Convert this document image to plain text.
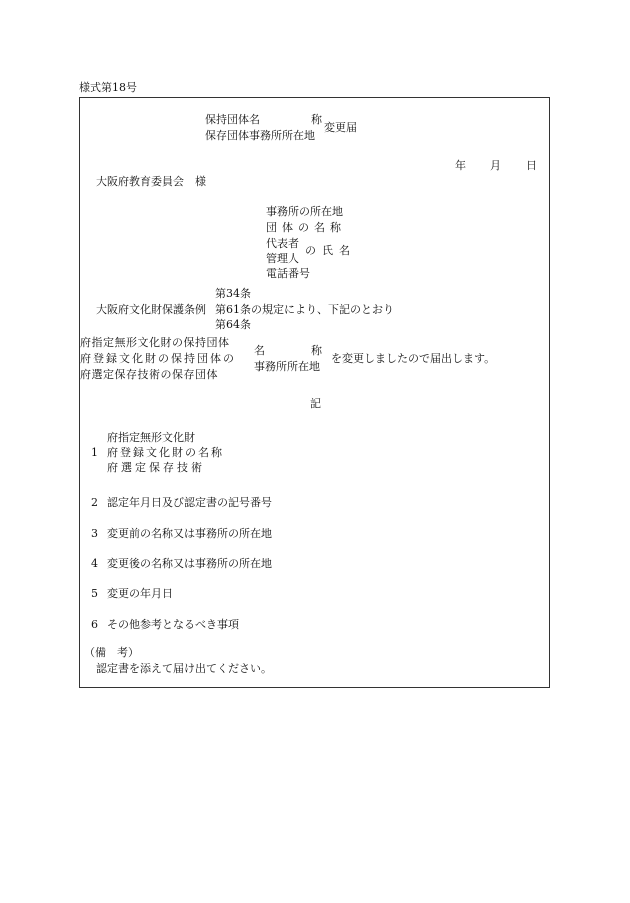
様式第18号
保持団体名	称
保存団体事務所所在地
変更届
年 月 日
大阪府教育委員会　様
事務所の所在地
団体の名称
代表者
管理人
の氏名
電話番号
第34条
大阪府文化財保護条例 第61条 の規定により、下記のとおり
第64条
府指定無形文化財の保持団体
府登録文化財の保持団体の
府選定保存技術の保存団体
名	称
事務所所在地
を変更しましたので届出します。
記
府指定無形文化財
1 府登録文化財の名称
府選定保存技術
2 認定年月日及び認定書の記号番号
3 変更前の名称又は事務所の所在地
4 変更後の名称又は事務所の所在地
5 変更の年月日
6 その他参考となるべき事項
（備　考）
認定書を添えて届け出てください。
